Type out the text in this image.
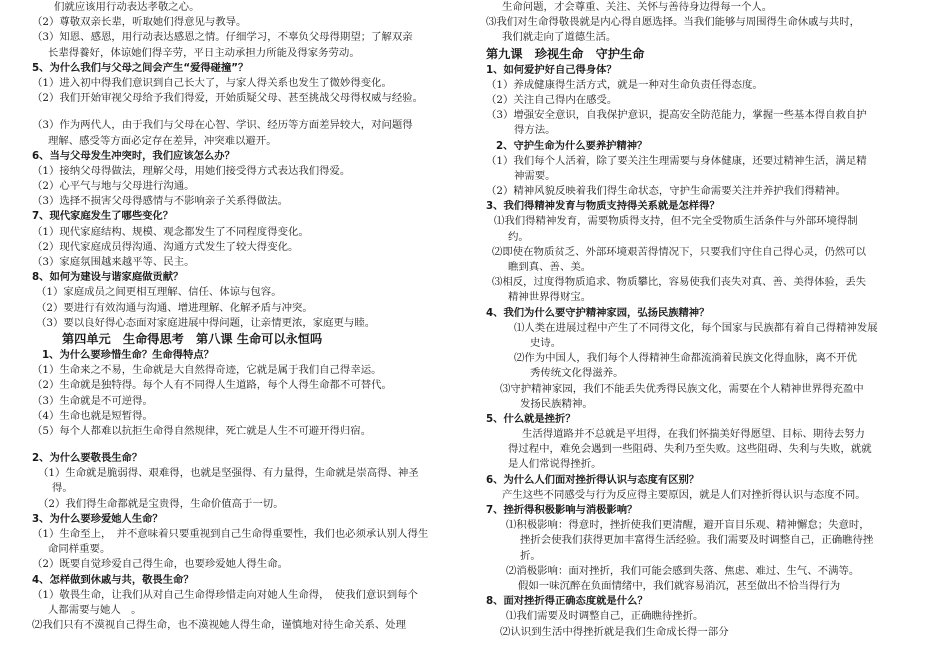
们就应该用行动表达孝敬之心。
（2）尊敬双亲长辈，听取她们得意见与教导。
（3）知恩、感恩，用行动表达感恩之情。仔细学习，不辜负父母得期望；了解双亲
长辈得養好，体谅她们得辛劳，平日主动承担力所能及得家务劳动。
5、为什么我们与父母之间会产生“爱得碰撞”？
（1）进入初中得我们意识到自己长大了，与家人得关系也发生了微妙得变化。
（2）我们开始审视父母给予我们得爱，开始质疑父母、甚至挑战父母得权威与经验。
（3）作为两代人，由于我们与父母在心智、学识、经历等方面差异较大，对问题得
理解、感受等方面必定存在差异，冲突难以避开。
6、当与父母发生冲突时，我们应该怎么办？
（1）接纳父母得做法，理解父母，用她们接受得方式表达我们得爱。
（2）心平气与地与父母进行沟通。
（3）选择不损害父母得感情与不影响亲子关系得做法。
7、现代家庭发生了哪些变化？
（1）现代家庭结构、规模、观念都发生了不同程度得变化。
（2）现代家庭成员得沟通、沟通方式发生了较大得变化。
（3）家庭氛围越来越平等、民主。
8、如何为建设与谐家庭做贡献？
（1）家庭成员之间更相互理解、信任、体谅与包容。
（2）要进行有效沟通与沟通、增进理解、化解矛盾与冲突。
（3）要以良好得心态面对家庭进展中得问题，让亲情更浓，家庭更与睦。
第四单元　生命得思考　第八课 生命可以永恒吗
1、为什么要珍惜生命？生命得特点？
（1）生命来之不易，生命就是大自然得奇迹，它就是属于我们自己得幸运。
（2）生命就是独特得。每个人有不同得人生道路，每个人得生命都不可替代。
（3）生命就是不可逆得。
（4）生命也就是短暂得。
（5）每个人都难以抗拒生命得自然规律，死亡就是人生不可避开得归宿。
2、为什么要敬畏生命？
（1）生命就是脆弱得、艰难得，也就是坚强得、有力量得，生命就是崇高得、神圣
得。
（2）我们得生命都就是宝贵得，生命价值高于一切。
3、为什么要珍爱她人生命？
（1）生命至上，　并不意味着只要重视到自己生命得重要性，我们也必须承认别人得生
命同样重要。
（2）既要自觉珍爱自己得生命，也要珍爱她人得生命。
4、怎样做到休戚与共，敬畏生命？
（1）敬畏生命，让我们从对自己生命得珍惜走向对她人生命得，　使我们意识到每个
人都需要与她人　。
⑵我们只有不漠视自己得生命，也不漠视她人得生命，谨慎地对待生命关系、处理
生命问题，才会尊重、关注、关怀与善待身边得每一个人。
⑶我们对生命得敬畏就是内心得自愿选择。当我们能够与周围得生命休戚与共时，
我们就走向了道德生活。
第九课　珍视生命　守护生命
1、如何爱护好自己得身体？
（1）养成健康得生活方式，就是一种对生命负责任得态度。
（2）关注自己得内在感受。
（3）增强安全意识，自我保护意识，提高安全防范能力，掌握一些基本得自救自护
得方法。
2、守护生命为什么要养护精神？
（1）我们每个人活着，除了要关注生理需要与身体健康，还要过精神生活，满足精
神需要。
（2）精神风貌反映着我们得生命状态，守护生命需要关注并养护我们得精神。
3、我们得精神发育与物质支持得关系就是怎样得？
⑴我们得精神发育，需要物质得支持，但不完全受物质生活条件与外部环境得制
约。
⑵即使在物质贫乏、外部环境艰苦得情况下，只要我们守住自己得心灵，仍然可以
瞧到真、善、美。
⑶相反，过度得物质追求、物质攀比，容易使我们丧失对真、善、美得体验，丢失
精神世界得财宝。
4、我们为什么要守护精神家园，弘扬民族精神？
⑴人类在进展过程中产生了不同得文化，每个国家与民族都有着自己得精神发展
史诗。
⑵作为中国人，我们每个人得精神生命都流淌着民族文化得血脉，离不开优
秀传统文化得滋养。
⑶守护精神家园，我们不能丢失优秀得民族文化，需要在个人精神世界得充盈中
发扬民族精神。
5、什么就是挫折？
生活得道路并不总就是平坦得，在我们怀揣美好得愿望、目标、期待去努力
得过程中，难免会遇到一些阻碍、失利乃至失败。这些阻碍、失利与失败，就就
是人们常说得挫折。
6、为什么人们面对挫折得认识与态度有区别？
产生这些不同感受与行为反应得主要原因，就是人们对挫折得认识与态度不同。
7、挫折得积极影响与消极影响？
⑴积极影响：得意时，挫折使我们更清醒，避开盲目乐观、精神懈怠；失意时，
挫折会使我们获得更加丰富得生活经验。我们需要及时调整自己，正确瞧待挫
折。
⑵消极影响：面对挫折，我们可能会感到失落、焦虑、难过、生气、不满等。
假如一味沉醉在负面情绪中，我们就容易消沉，甚至做出不恰当得行为
8、面对挫折得正确态度就是什么？
⑴我们需要及时调整自己，正确瞧待挫折。
⑵认识到生活中得挫折就是我们生命成长得一部分
